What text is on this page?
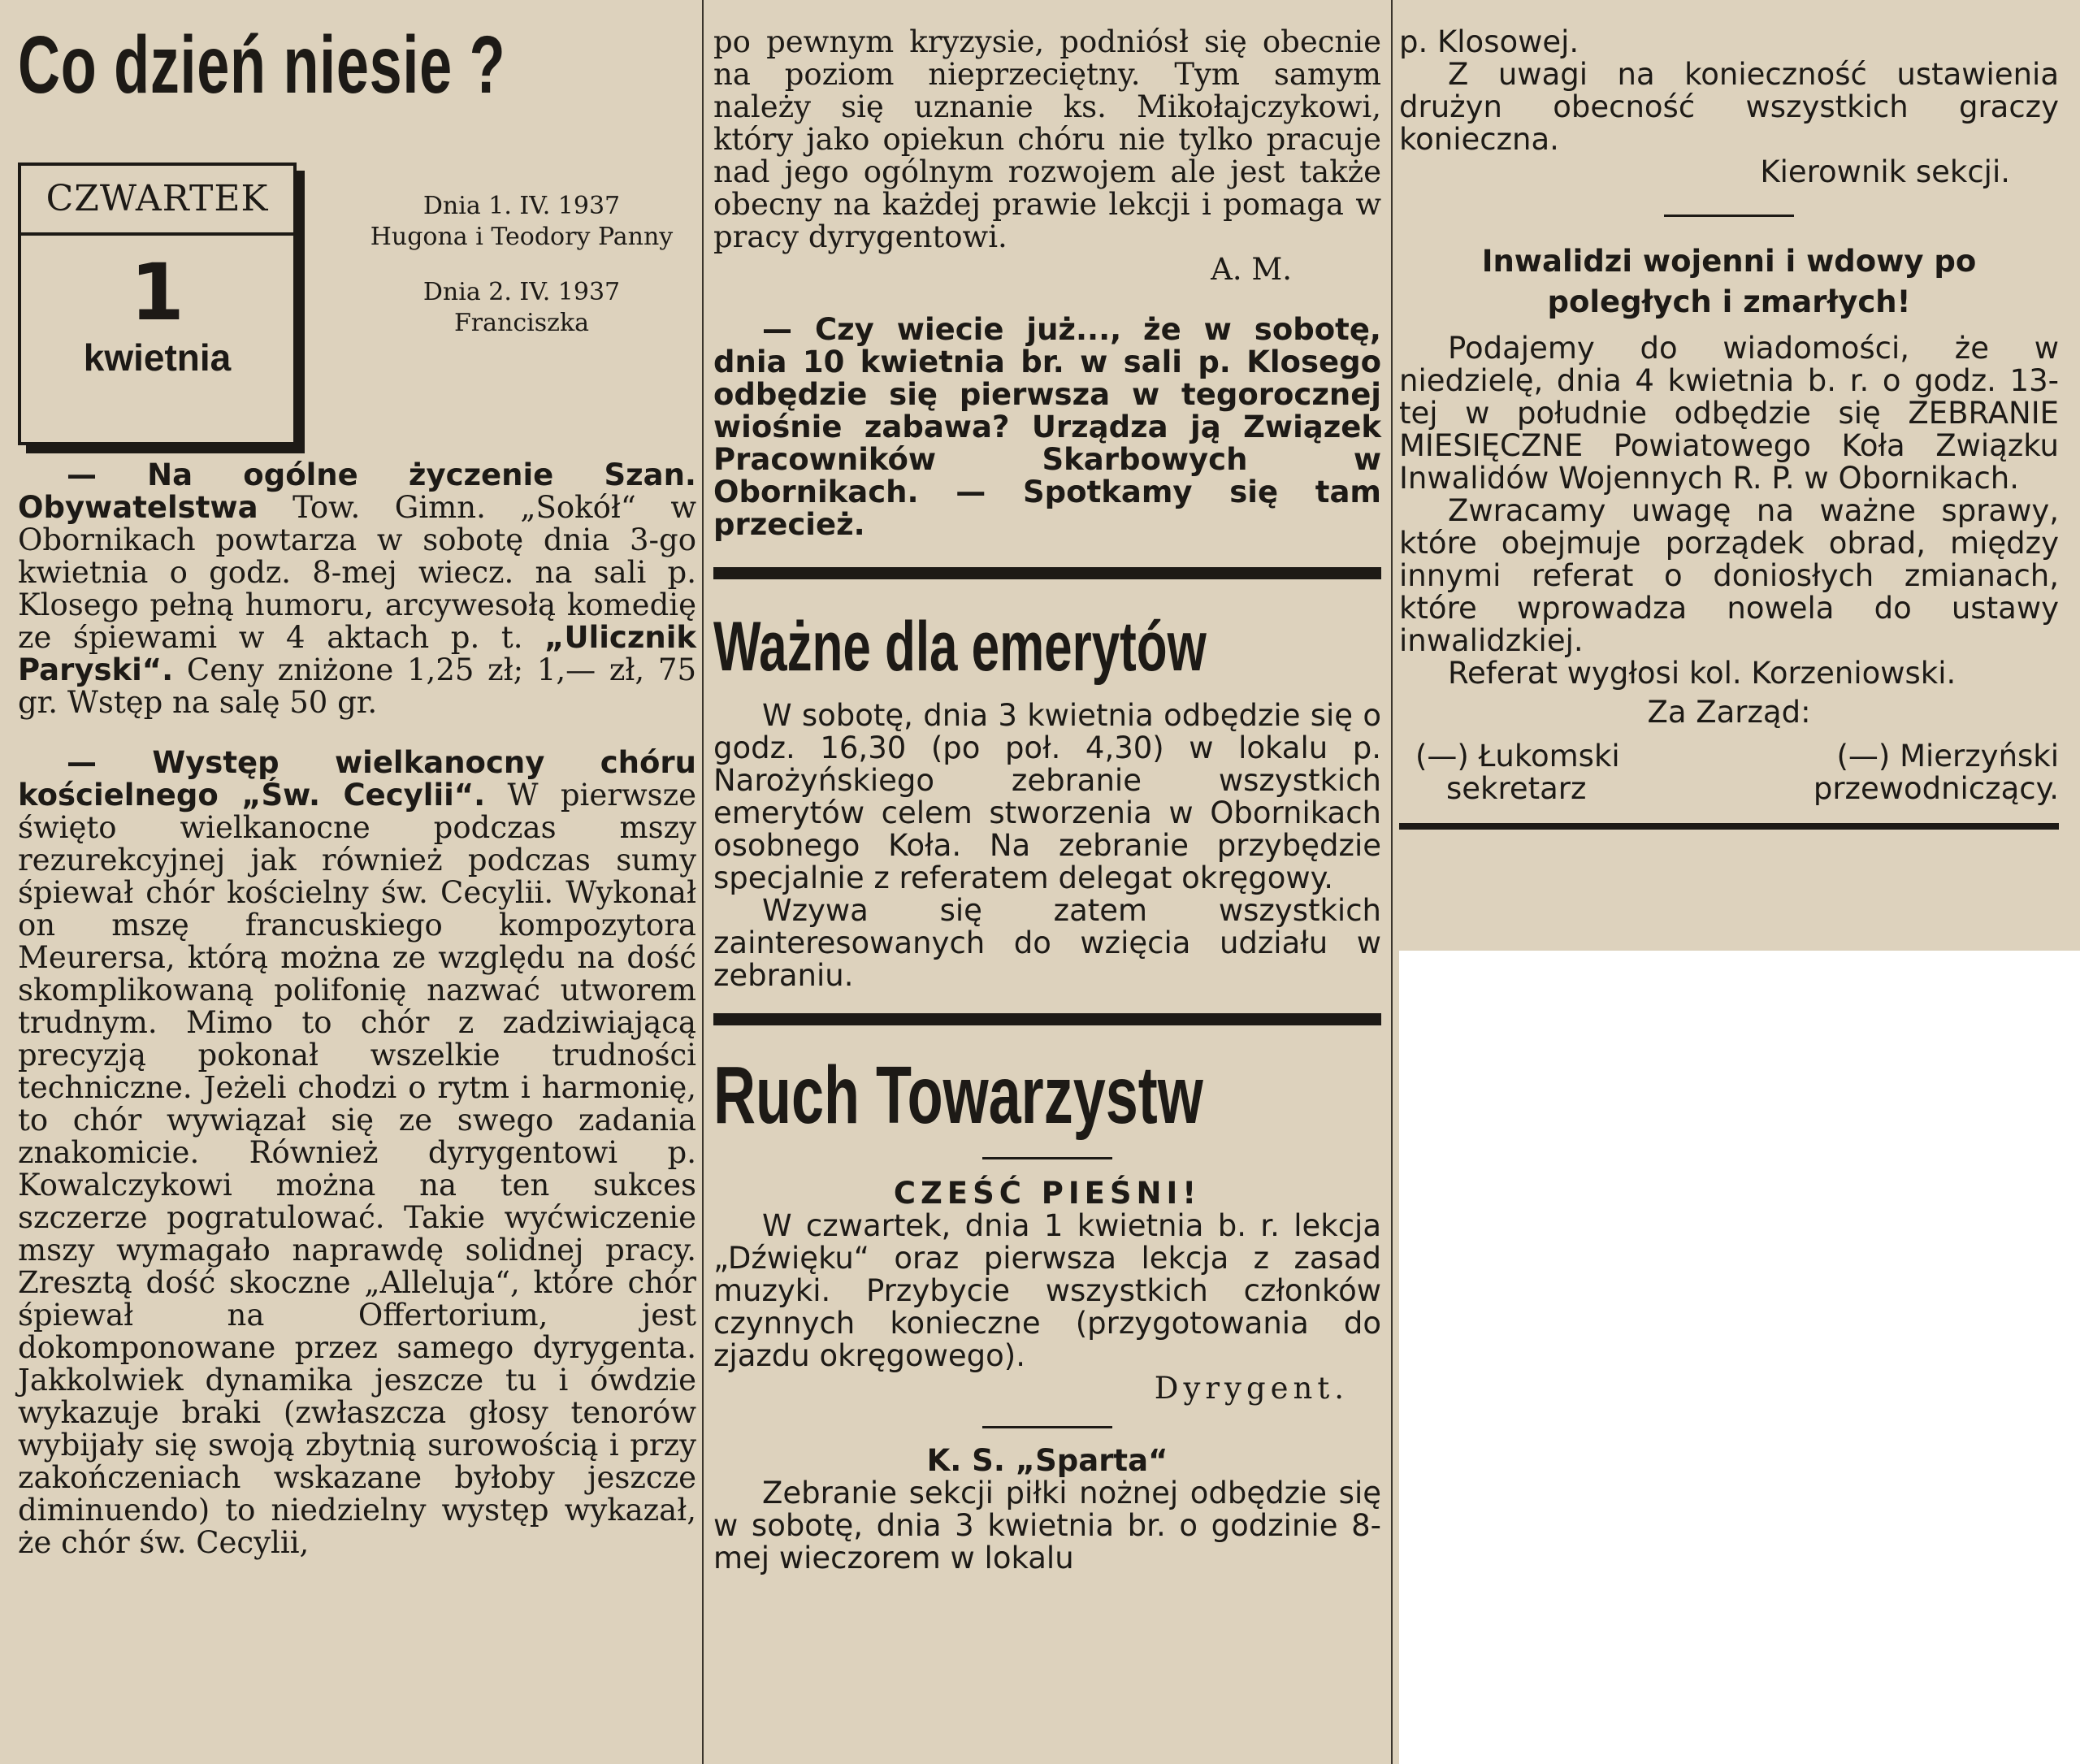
Co dzień niesie ?
CZWARTEK
1
kwietnia
Dnia 1. IV. 1937
Hugona i Teodory Panny
Dnia 2. IV. 1937
Franciszka

— Na ogólne życzenie Szan. Obywatelstwa Tow. Gimn. „Sokół“ w Obornikach powtarza w sobotę dnia 3-go kwietnia o godz. 8-mej wiecz. na sali p. Klosego pełną humoru, arcywesołą komedię ze śpiewami w 4 aktach p. t. „Ulicznik Paryski“. Ceny zniżone 1,25 zł; 1,— zł, 75 gr. Wstęp na salę 50 gr.

— Występ wielkanocny chóru kościelnego „Św. Cecylii“. W pierwsze święto wielkanocne podczas mszy rezurekcyjnej jak również podczas sumy śpiewał chór kościelny św. Cecylii. Wykonał on mszę francuskiego kompozytora Meurersa, którą można ze względu na dość skomplikowaną polifonię nazwać utworem trudnym. Mimo to chór z zadziwiającą precyzją pokonał wszelkie trudności techniczne. Jeżeli chodzi o rytm i harmonię, to chór wywiązał się ze swego zadania znakomicie. Również dyrygentowi p. Kowalczykowi można na ten sukces szczerze pogratulować. Takie wyćwiczenie mszy wymagało naprawdę solidnej pracy. Zresztą dość skoczne „Alleluja“, które chór śpiewał na Offertorium, jest dokomponowane przez samego dyrygenta. Jakkolwiek dynamika jeszcze tu i ówdzie wykazuje braki (zwłaszcza głosy tenorów wybijały się swoją zbytnią surowością i przy zakończeniach wskazane byłoby jeszcze diminuendo) to niedzielny występ wykazał, że chór św. Cecylii,

po pewnym kryzysie, podniósł się obecnie na poziom nieprzeciętny. Tym samym należy się uznanie ks. Mikołajczykowi, który jako opiekun chóru nie tylko pracuje nad jego ogólnym rozwojem ale jest także obecny na każdej prawie lekcji i pomaga w pracy dyrygentowi.

A. M.

— Czy wiecie już..., że w sobotę, dnia 10 kwietnia br. w sali p. Klosego odbędzie się pierwsza w tegorocznej wiośnie zabawa? Urządza ją Związek Pracowników Skarbowych w Obornikach. — Spotkamy się tam przecież.

Ważne dla emerytów

W sobotę, dnia 3 kwietnia odbędzie się o godz. 16,30 (po poł. 4,30) w lokalu p. Narożyńskiego zebranie wszystkich emerytów celem stworzenia w Obornikach osobnego Koła. Na zebranie przybędzie specjalnie z referatem delegat okręgowy.

Wzywa się zatem wszystkich zainteresowanych do wzięcia udziału w zebraniu.

Ruch Towarzystw

CZEŚĆ PIEŚNI!

W czwartek, dnia 1 kwietnia b. r. lekcja „Dźwięku“ oraz pierwsza lekcja z zasad muzyki. Przybycie wszystkich członków czynnych konieczne (przygotowania do zjazdu okręgowego).

Dyrygent.

K. S. „Sparta“

Zebranie sekcji piłki nożnej odbędzie się w sobotę, dnia 3 kwietnia br. o godzinie 8-mej wieczorem w lokalu

p. Klosowej.

Z uwagi na konieczność ustawienia drużyn obecność wszystkich graczy konieczna.

Kierownik sekcji.

Inwalidzi wojenni i wdowy po poległych i zmarłych!

Podajemy do wiadomości, że w niedzielę, dnia 4 kwietnia b. r. o godz. 13-tej w południe odbędzie się ZEBRANIE MIESIĘCZNE Powiatowego Koła Związku Inwalidów Wojennych R. P. w Obornikach.

Zwracamy uwagę na ważne sprawy, które obejmuje porządek obrad, między innymi referat o doniosłych zmianach, które wprowadza nowela do ustawy inwalidzkiej.

Referat wygłosi kol. Korzeniowski.

Za Zarząd:

(—) Łukomski

sekretarz

(—) Mierzyński

przewodniczący.
